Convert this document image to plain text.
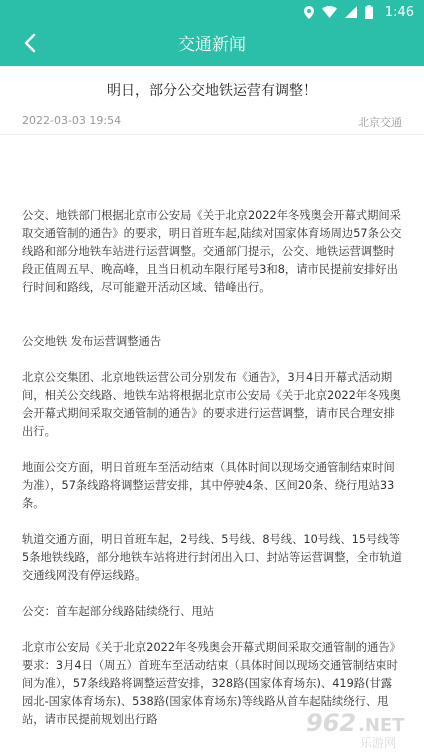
1:46
交通新闻
明日，部分公交地铁运营有调整！
2022-03-03 19:54	北京交通

公交、地铁部门根据北京市公安局《关于北京2022年冬残奥会开幕式期间采取交通管制的通告》的要求，明日首班车起,陆续对国家体育场周边57条公交线路和部分地铁车站进行运营调整。交通部门提示，公交、地铁运营调整时段正值周五早、晚高峰，且当日机动车限行尾号3和8，请市民提前安排好出行时间和路线，尽可能避开活动区域、错峰出行。

公交地铁 发布运营调整通告

北京公交集团、北京地铁运营公司分别发布《通告》，3月4日开幕式活动期间，相关公交线路、地铁车站将根据北京市公安局《关于北京2022年冬残奥会开幕式期间采取交通管制的通告》的要求进行运营调整，请市民合理安排出行。

地面公交方面，明日首班车至活动结束（具体时间以现场交通管制结束时间为准），57条线路将调整运营安排，其中停驶4条、区间20条、绕行甩站33条。

轨道交通方面，明日首班车起，2号线、5号线、8号线、10号线、15号线等5条地铁线路，部分地铁车站将进行封闭出入口、封站等运营调整，全市轨道交通线网没有停运线路。

公交：首车起部分线路陆续绕行、甩站

北京市公安局《关于北京2022年冬残奥会开幕式期间采取交通管制的通告》要求：3月4日（周五）首班车至活动结束（具体时间以现场交通管制结束时间为准），57条线路将调整运营安排，328路(国家体育场东)、419路(甘露园北-国家体育场东)、538路(国家体育场东)等线路从首车起陆续绕行、甩站，请市民提前规划出行路	962 .NET
乐游网
